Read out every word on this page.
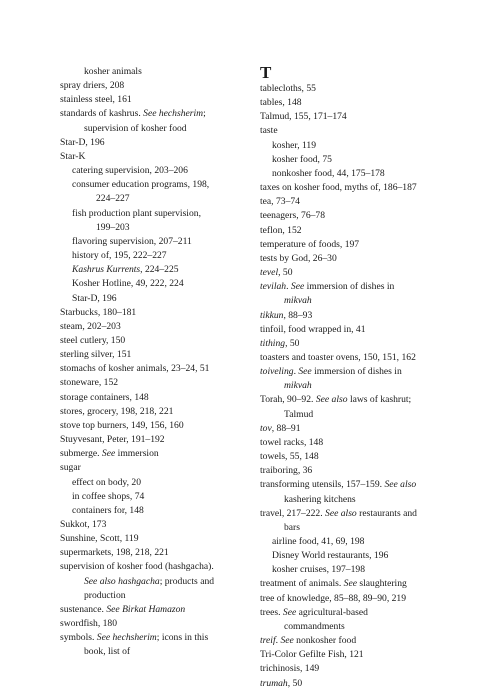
kosher animals
spray driers, 208
stainless steel, 161
standards of kashrus. See hechsherim;
supervision of kosher food
Star-D, 196
Star-K
catering supervision, 203–206
consumer education programs, 198,
224–227
fish production plant supervision,
199–203
flavoring supervision, 207–211
history of, 195, 222–227
Kashrus Kurrents, 224–225
Kosher Hotline, 49, 222, 224
Star-D, 196
Starbucks, 180–181
steam, 202–203
steel cutlery, 150
sterling silver, 151
stomachs of kosher animals, 23–24, 51
stoneware, 152
storage containers, 148
stores, grocery, 198, 218, 221
stove top burners, 149, 156, 160
Stuyvesant, Peter, 191–192
submerge. See immersion
sugar
effect on body, 20
in coffee shops, 74
containers for, 148
Sukkot, 173
Sunshine, Scott, 119
supermarkets, 198, 218, 221
supervision of kosher food (hashgacha).
See also hashgacha; products and
production
sustenance. See Birkat Hamazon
swordfish, 180
symbols. See hechsherim; icons in this
book, list of
T
tablecloths, 55
tables, 148
Talmud, 155, 171–174
taste
kosher, 119
kosher food, 75
nonkosher food, 44, 175–178
taxes on kosher food, myths of, 186–187
tea, 73–74
teenagers, 76–78
teflon, 152
temperature of foods, 197
tests by God, 26–30
tevel, 50
tevilah. See immersion of dishes in
mikvah
tikkun, 88–93
tinfoil, food wrapped in, 41
tithing, 50
toasters and toaster ovens, 150, 151, 162
toiveling. See immersion of dishes in
mikvah
Torah, 90–92. See also laws of kashrut;
Talmud
tov, 88–91
towel racks, 148
towels, 55, 148
traiboring, 36
transforming utensils, 157–159. See also
kashering kitchens
travel, 217–222. See also restaurants and
bars
airline food, 41, 69, 198
Disney World restaurants, 196
kosher cruises, 197–198
treatment of animals. See slaughtering
tree of knowledge, 85–88, 89–90, 219
trees. See agricultural-based
commandments
treif. See nonkosher food
Tri-Color Gefilte Fish, 121
trichinosis, 149
trumah, 50
